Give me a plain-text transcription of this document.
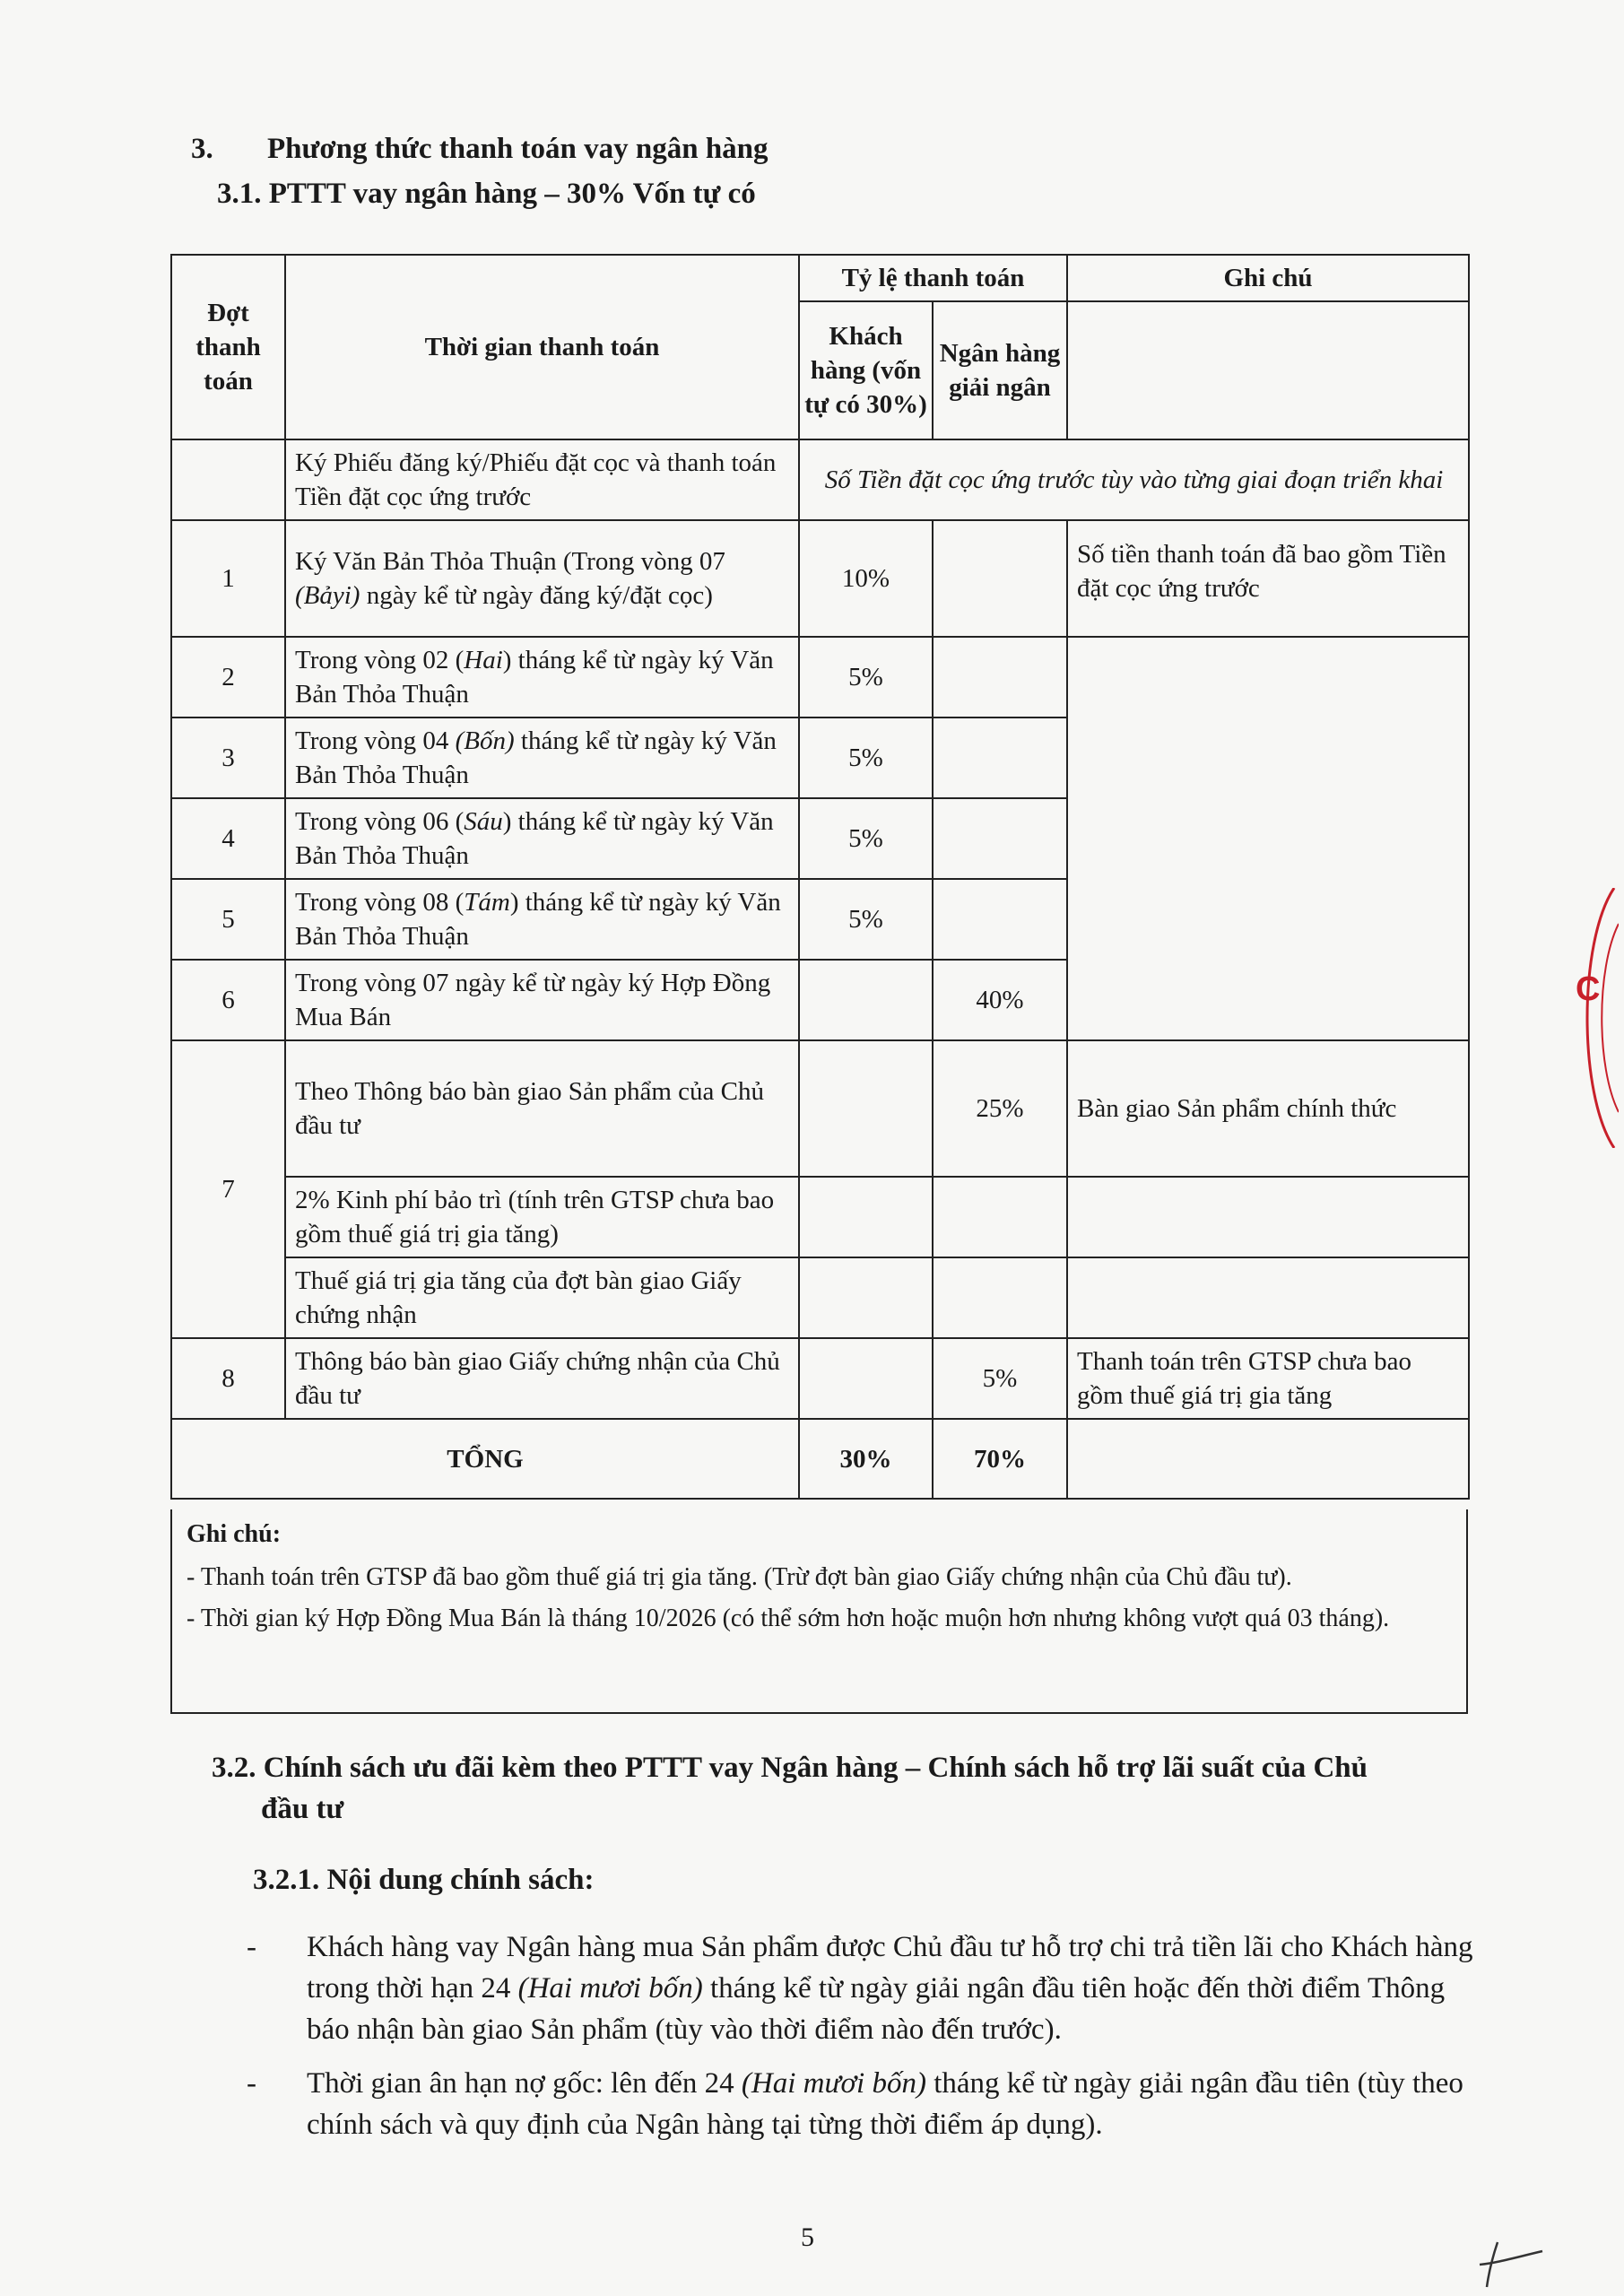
3. Phương thức thanh toán vay ngân hàng
3.1. PTTT vay ngân hàng – 30% Vốn tự có
Đợt thanh toán	Thời gian thanh toán	Tỷ lệ thanh toán		Ghi chú
		Khách hàng (vốn tự có 30%)	Ngân hàng giải ngân	
	Ký Phiếu đăng ký/Phiếu đặt cọc và thanh toán Tiền đặt cọc ứng trước	Số Tiền đặt cọc ứng trước tùy vào từng giai đoạn triển khai		
1	Ký Văn Bản Thỏa Thuận (Trong vòng 07 (Bảyi) ngày kể từ ngày đăng ký/đặt cọc)	10%		Số tiền thanh toán đã bao gồm Tiền đặt cọc ứng trước
2	Trong vòng 02 (Hai) tháng kể từ ngày ký Văn Bản Thỏa Thuận	5%		
3	Trong vòng 04 (Bốn) tháng kể từ ngày ký Văn Bản Thỏa Thuận	5%		
4	Trong vòng 06 (Sáu) tháng kể từ ngày ký Văn Bản Thỏa Thuận	5%		
5	Trong vòng 08 (Tám) tháng kể từ ngày ký Văn Bản Thỏa Thuận	5%		
6	Trong vòng 07 ngày kể từ ngày ký Hợp Đồng Mua Bán		40%	
7	Theo Thông báo bàn giao Sản phẩm của Chủ đầu tư		25%	Bàn giao Sản phẩm chính thức
	2% Kinh phí bảo trì (tính trên GTSP chưa bao gồm thuế giá trị gia tăng)			
	Thuế giá trị gia tăng của đợt bàn giao Giấy chứng nhận			
8	Thông báo bàn giao Giấy chứng nhận của Chủ đầu tư		5%	Thanh toán trên GTSP chưa bao gồm thuế giá trị gia tăng
TỔNG		30%	70%	
Ghi chú:

- Thanh toán trên GTSP đã bao gồm thuế giá trị gia tăng. (Trừ đợt bàn giao Giấy chứng nhận của Chủ đầu tư).

- Thời gian ký Hợp Đồng Mua Bán là tháng 10/2026 (có thể sớm hơn hoặc muộn hơn nhưng không vượt quá 03 tháng).

3.2. Chính sách ưu đãi kèm theo PTTT vay Ngân hàng – Chính sách hỗ trợ lãi suất của Chủ
đầu tư
3.2.1. Nội dung chính sách:
- Khách hàng vay Ngân hàng mua Sản phẩm được Chủ đầu tư hỗ trợ chi trả tiền lãi cho Khách hàng trong thời hạn 24 (Hai mươi bốn) tháng kể từ ngày giải ngân đầu tiên hoặc đến thời điểm Thông báo nhận bàn giao Sản phẩm (tùy vào thời điểm nào đến trước).
- Thời gian ân hạn nợ gốc: lên đến 24 (Hai mươi bốn) tháng kể từ ngày giải ngân đầu tiên (tùy theo chính sách và quy định của Ngân hàng tại từng thời điểm áp dụng).
5
C
